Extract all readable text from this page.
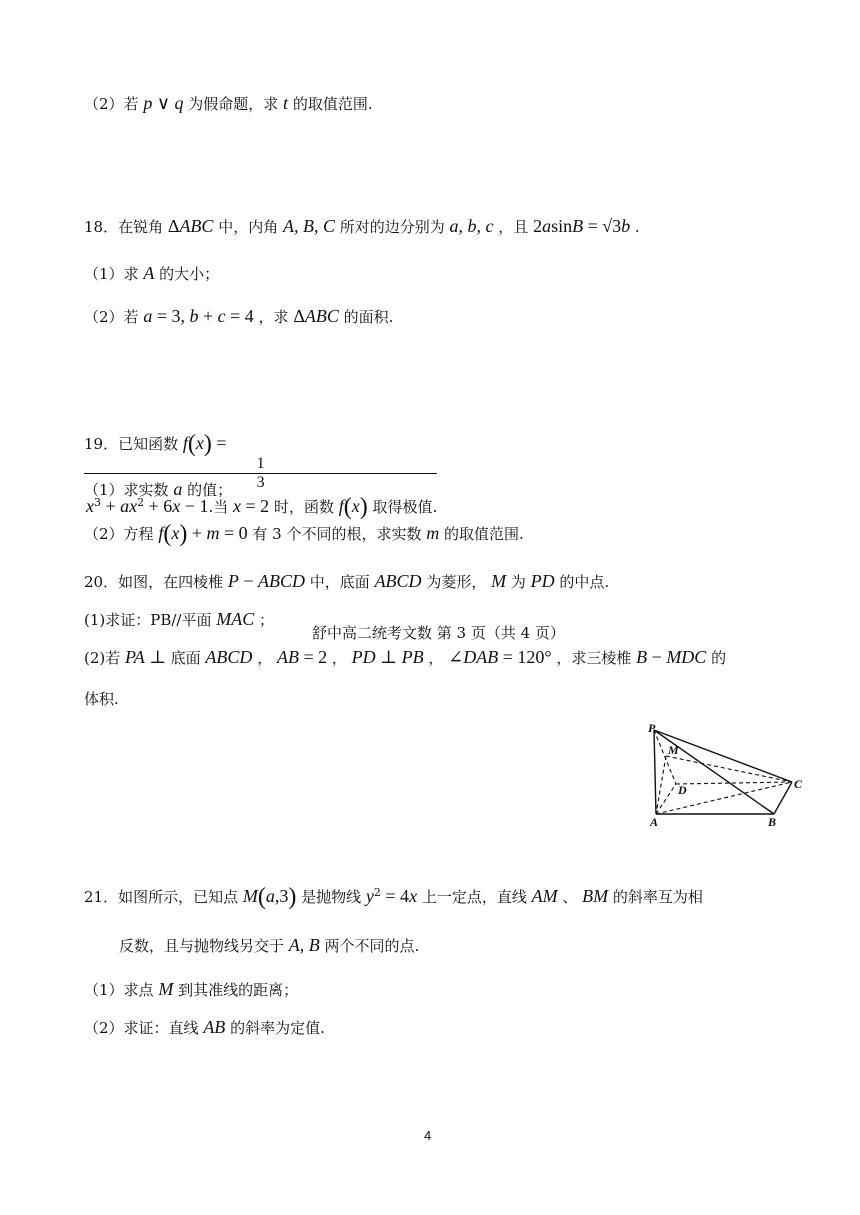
（2）若 p ∨ q 为假命题，求 t 的取值范围.
18．在锐角 ΔABC 中，内角 A, B, C 所对的边分别为 a, b, c ，且 2asinB = √3b .
（1）求 A 的大小；
（2）若 a = 3, b + c = 4 ，求 ΔABC 的面积.
19．已知函数 f(x) =
1
3
$x^3 + ax^2 + 6x - 1$.当 x = 2 时，函数 f(x) 取得极值.
（1）求实数 a 的值；
（2）方程 f(x) + m = 0 有 3 个不同的根，求实数 m 的取值范围.
20．如图，在四棱椎 P − ABCD 中，底面 ABCD 为菱形， M 为 PD 的中点.
(1)求证：PB//平面 MAC ；
舒中高二统考文数 第 3 页（共 4 页）
(2)若 PA ⊥ 底面 ABCD ， AB = 2 ， PD ⊥ PB ， ∠DAB = 120° ，求三棱椎 B − MDC 的
体积.
P
M
D	C
A	B
21．如图所示，已知点 M(a,3) 是抛物线 $y^2 = 4x$ 上一定点，直线 AM 、 BM 的斜率互为相
反数，且与抛物线另交于 A, B 两个不同的点.
（1）求点 M 到其准线的距离；
（2）求证：直线 AB 的斜率为定值.
4
